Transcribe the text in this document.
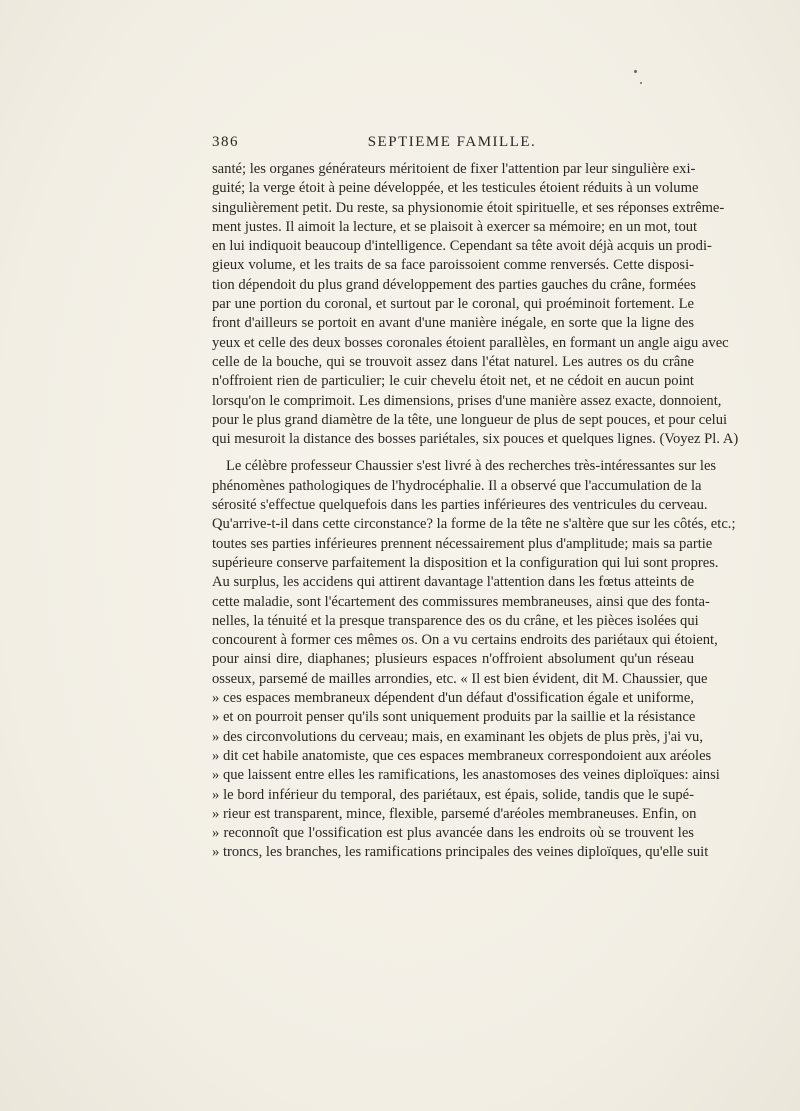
386	SEPTIEME FAMILLE.
santé; les organes générateurs méritoient de fixer l'attention par leur singulière exi-
guité; la verge étoit à peine développée, et les testicules étoient réduits à un volume
singulièrement petit. Du reste, sa physionomie étoit spirituelle, et ses réponses extrême-
ment justes. Il aimoit la lecture, et se plaisoit à exercer sa mémoire; en un mot, tout
en lui indiquoit beaucoup d'intelligence. Cependant sa tête avoit déjà acquis un prodi-
gieux volume, et les traits de sa face paroissoient comme renversés. Cette disposi-
tion dépendoit du plus grand développement des parties gauches du crâne, formées
par une portion du coronal, et surtout par le coronal, qui proéminoit fortement. Le
front d'ailleurs se portoit en avant d'une manière inégale, en sorte que la ligne des
yeux et celle des deux bosses coronales étoient parallèles, en formant un angle aigu avec
celle de la bouche, qui se trouvoit assez dans l'état naturel. Les autres os du crâne
n'offroient rien de particulier; le cuir chevelu étoit net, et ne cédoit en aucun point
lorsqu'on le comprimoit. Les dimensions, prises d'une manière assez exacte, donnoient,
pour le plus grand diamètre de la tête, une longueur de plus de sept pouces, et pour celui
qui mesuroit la distance des bosses pariétales, six pouces et quelques lignes. (Voyez Pl. A)
Le célèbre professeur Chaussier s'est livré à des recherches très-intéressantes sur les
phénomènes pathologiques de l'hydrocéphalie. Il a observé que l'accumulation de la
sérosité s'effectue quelquefois dans les parties inférieures des ventricules du cerveau.
Qu'arrive-t-il dans cette circonstance? la forme de la tête ne s'altère que sur les côtés, etc.;
toutes ses parties inférieures prennent nécessairement plus d'amplitude; mais sa partie
supérieure conserve parfaitement la disposition et la configuration qui lui sont propres.
Au surplus, les accidens qui attirent davantage l'attention dans les fœtus atteints de
cette maladie, sont l'écartement des commissures membraneuses, ainsi que des fonta-
nelles, la ténuité et la presque transparence des os du crâne, et les pièces isolées qui
concourent à former ces mêmes os. On a vu certains endroits des pariétaux qui étoient,
pour ainsi dire, diaphanes; plusieurs espaces n'offroient absolument qu'un réseau
osseux, parsemé de mailles arrondies, etc. « Il est bien évident, dit M. Chaussier, que
» ces espaces membraneux dépendent d'un défaut d'ossification égale et uniforme,
» et on pourroit penser qu'ils sont uniquement produits par la saillie et la résistance
» des circonvolutions du cerveau; mais, en examinant les objets de plus près, j'ai vu,
» dit cet habile anatomiste, que ces espaces membraneux correspondoient aux aréoles
» que laissent entre elles les ramifications, les anastomoses des veines diploïques: ainsi
» le bord inférieur du temporal, des pariétaux, est épais, solide, tandis que le supé-
» rieur est transparent, mince, flexible, parsemé d'aréoles membraneuses. Enfin, on
» reconnoît que l'ossification est plus avancée dans les endroits où se trouvent les
» troncs, les branches, les ramifications principales des veines diploïques, qu'elle suit
